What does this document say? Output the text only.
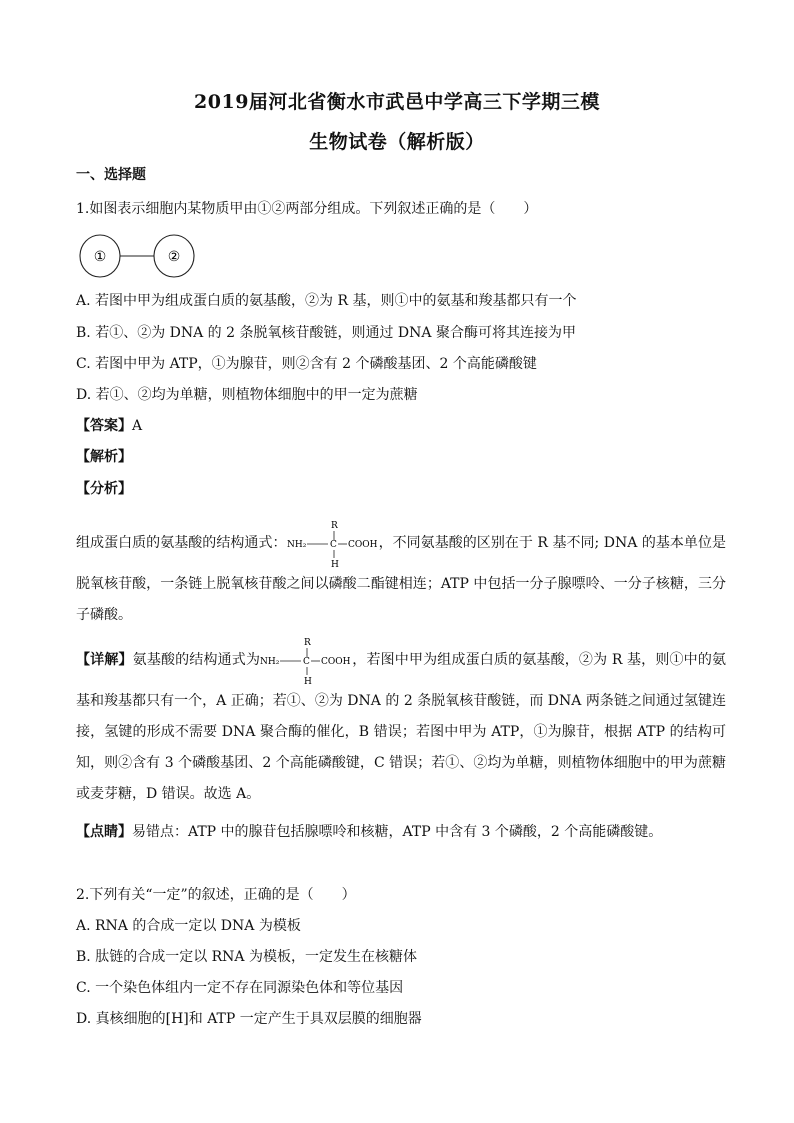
2019届河北省衡水市武邑中学高三下学期三模
生物试卷（解析版）
一、选择题
1.如图表示细胞内某物质甲由①②两部分组成。下列叙述正确的是（　　）
①	②
A. 若图中甲为组成蛋白质的氨基酸，②为 R 基，则①中的氨基和羧基都只有一个
B. 若①、②为 DNA 的 2 条脱氧核苷酸链，则通过 DNA 聚合酶可将其连接为甲
C. 若图中甲为 ATP，①为腺苷，则②含有 2 个磷酸基团、2 个高能磷酸键
D. 若①、②均为单糖，则植物体细胞中的甲一定为蔗糖
【答案】A
【解析】
【分析】
组成蛋白质的氨基酸的结构通式：
R
NH₂	C COOH
H
，不同氨基酸的区别在于 R 基不同; DNA 的基本单位是脱氧核苷酸，一条链上脱氧核苷酸之间以磷酸二酯键相连；ATP 中包括一分子腺嘌呤、一分子核糖，三分子磷酸。
【详解】氨基酸的结构通式为
R
NH₂	C COOH
H
，若图中甲为组成蛋白质的氨基酸，②为 R 基，则①中的氨基和羧基都只有一个，A 正确；若①、②为 DNA 的 2 条脱氧核苷酸链，而 DNA 两条链之间通过氢键连接，氢键的形成不需要 DNA 聚合酶的催化，B 错误；若图中甲为 ATP，①为腺苷，根据 ATP 的结构可知，则②含有 3 个磷酸基团、2 个高能磷酸键，C 错误；若①、②均为单糖，则植物体细胞中的甲为蔗糖或麦芽糖，D 错误。故选 A。
【点睛】易错点：ATP 中的腺苷包括腺嘌呤和核糖，ATP 中含有 3 个磷酸，2 个高能磷酸键。
2.下列有关“一定”的叙述，正确的是（　　）
A. RNA 的合成一定以 DNA 为模板
B. 肽链的合成一定以 RNA 为模板，一定发生在核糖体
C. 一个染色体组内一定不存在同源染色体和等位基因
D. 真核细胞的[H]和 ATP 一定产生于具双层膜的细胞器
